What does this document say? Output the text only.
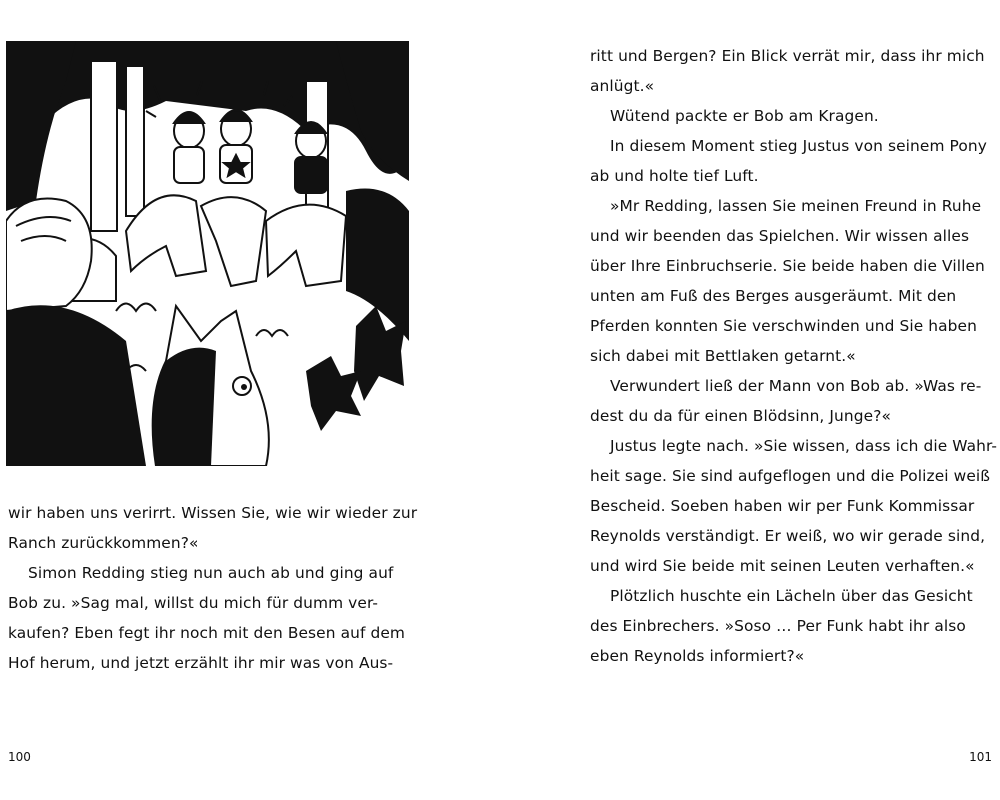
wir haben uns verirrt. Wissen Sie, wie wir wieder zur
Ranch zurückkommen?«
Simon Redding stieg nun auch ab und ging auf
Bob zu. »Sag mal, willst du mich für dumm ver-
kaufen? Eben fegt ihr noch mit den Besen auf dem
Hof herum, und jetzt erzählt ihr mir was von Aus-
100
ritt und Bergen? Ein Blick verrät mir, dass ihr mich
anlügt.«
Wütend packte er Bob am Kragen.
In diesem Moment stieg Justus von seinem Pony
ab und holte tief Luft.
»Mr Redding, lassen Sie meinen Freund in Ruhe
und wir beenden das Spielchen. Wir wissen alles
über Ihre Einbruchserie. Sie beide haben die Villen
unten am Fuß des Berges ausgeräumt. Mit den
Pferden konnten Sie verschwinden und Sie haben
sich dabei mit Bettlaken getarnt.«
Verwundert ließ der Mann von Bob ab. »Was re-
dest du da für einen Blödsinn, Junge?«
Justus legte nach. »Sie wissen, dass ich die Wahr-
heit sage. Sie sind aufgeflogen und die Polizei weiß
Bescheid. Soeben haben wir per Funk Kommissar
Reynolds verständigt. Er weiß, wo wir gerade sind,
und wird Sie beide mit seinen Leuten verhaften.«
Plötzlich huschte ein Lächeln über das Gesicht
des Einbrechers. »Soso … Per Funk habt ihr also
eben Reynolds informiert?«
101
